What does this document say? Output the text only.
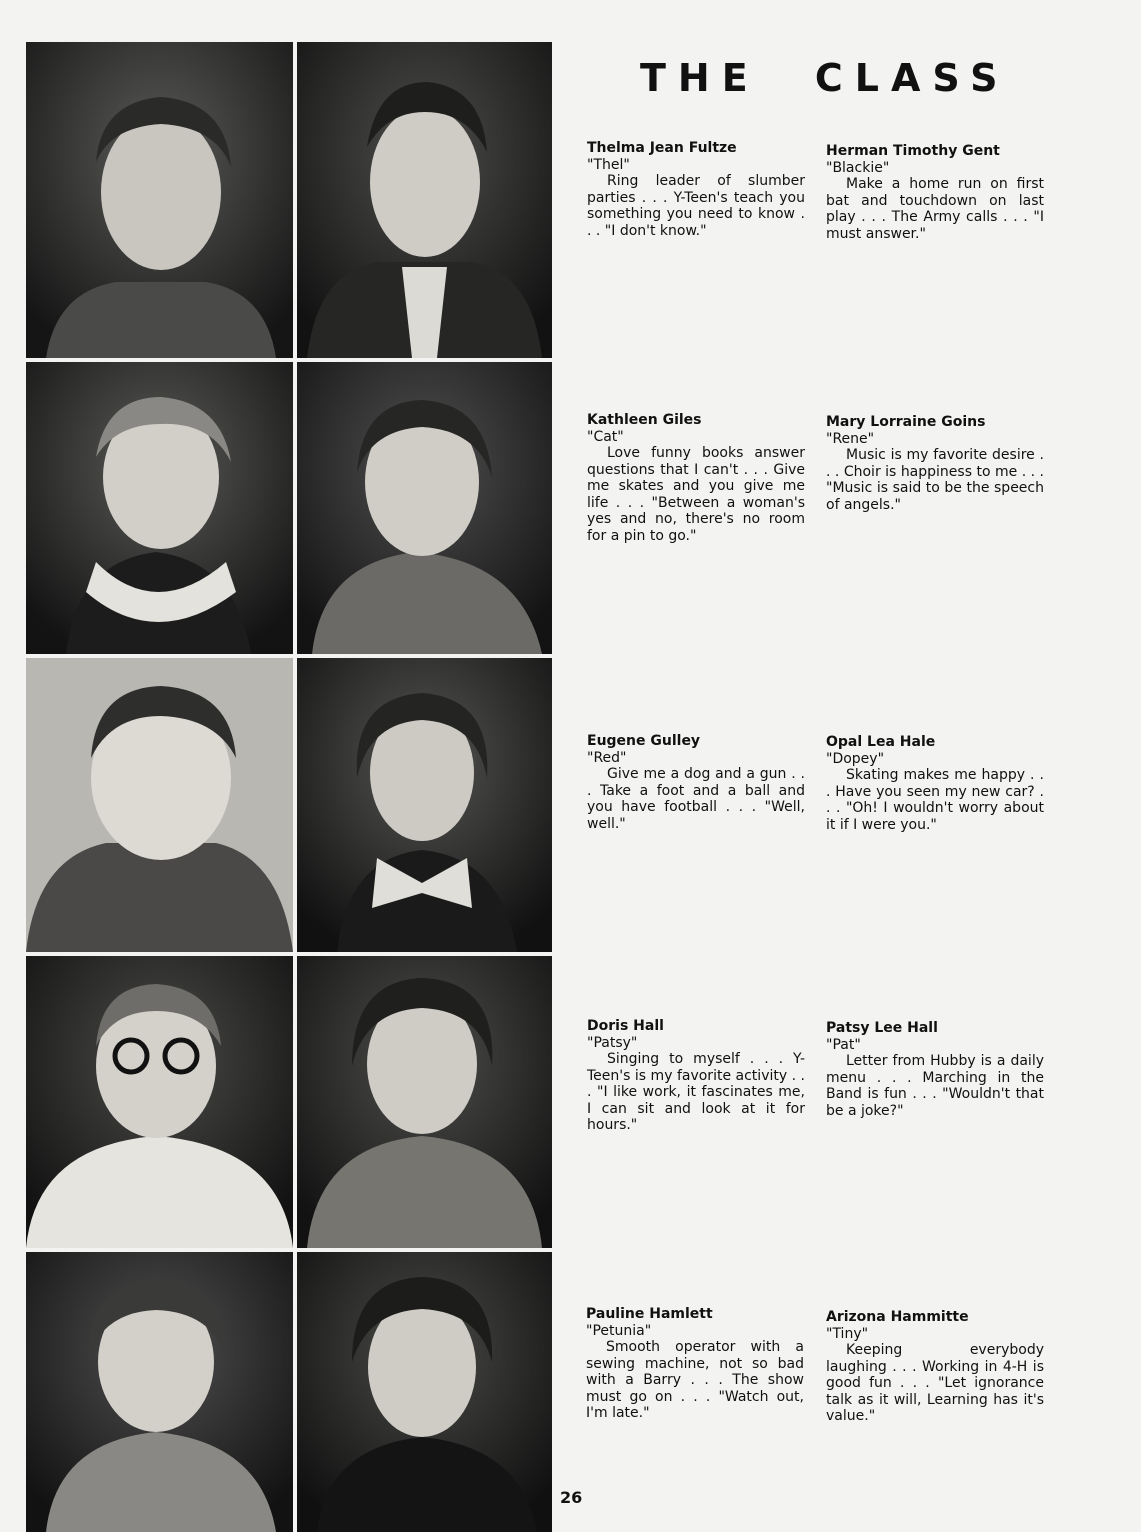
THE CLASS
Thelma Jean Fultze
"Thel"
Ring leader of slumber parties . . . Y-Teen's teach you something you need to know . . . "I don't know."
Herman Timothy Gent
"Blackie"
Make a home run on first bat and touchdown on last play . . . The Army calls . . . "I must answer."
Kathleen Giles
"Cat"
Love funny books answer questions that I can't . . . Give me skates and you give me life . . . "Between a woman's yes and no, there's no room for a pin to go."
Mary Lorraine Goins
"Rene"
Music is my favorite desire . . . Choir is happiness to me . . . "Music is said to be the speech of angels."
Eugene Gulley
"Red"
Give me a dog and a gun . . . Take a foot and a ball and you have football . . . "Well, well."
Opal Lea Hale
"Dopey"
Skating makes me happy . . . Have you seen my new car? . . . "Oh! I wouldn't worry about it if I were you."
Doris Hall
"Patsy"
Singing to myself . . . Y-Teen's is my favorite activity . . . "I like work, it fascinates me, I can sit and look at it for hours."
Patsy Lee Hall
"Pat"
Letter from Hubby is a daily menu . . . Marching in the Band is fun . . . "Wouldn't that be a joke?"
Pauline Hamlett
"Petunia"
Smooth operator with a sewing machine, not so bad with a Barry . . . The show must go on . . . "Watch out, I'm late."
Arizona Hammitte
"Tiny"
Keeping everybody laughing . . . Working in 4-H is good fun . . . "Let ignorance talk as it will, Learning has it's value."
26
